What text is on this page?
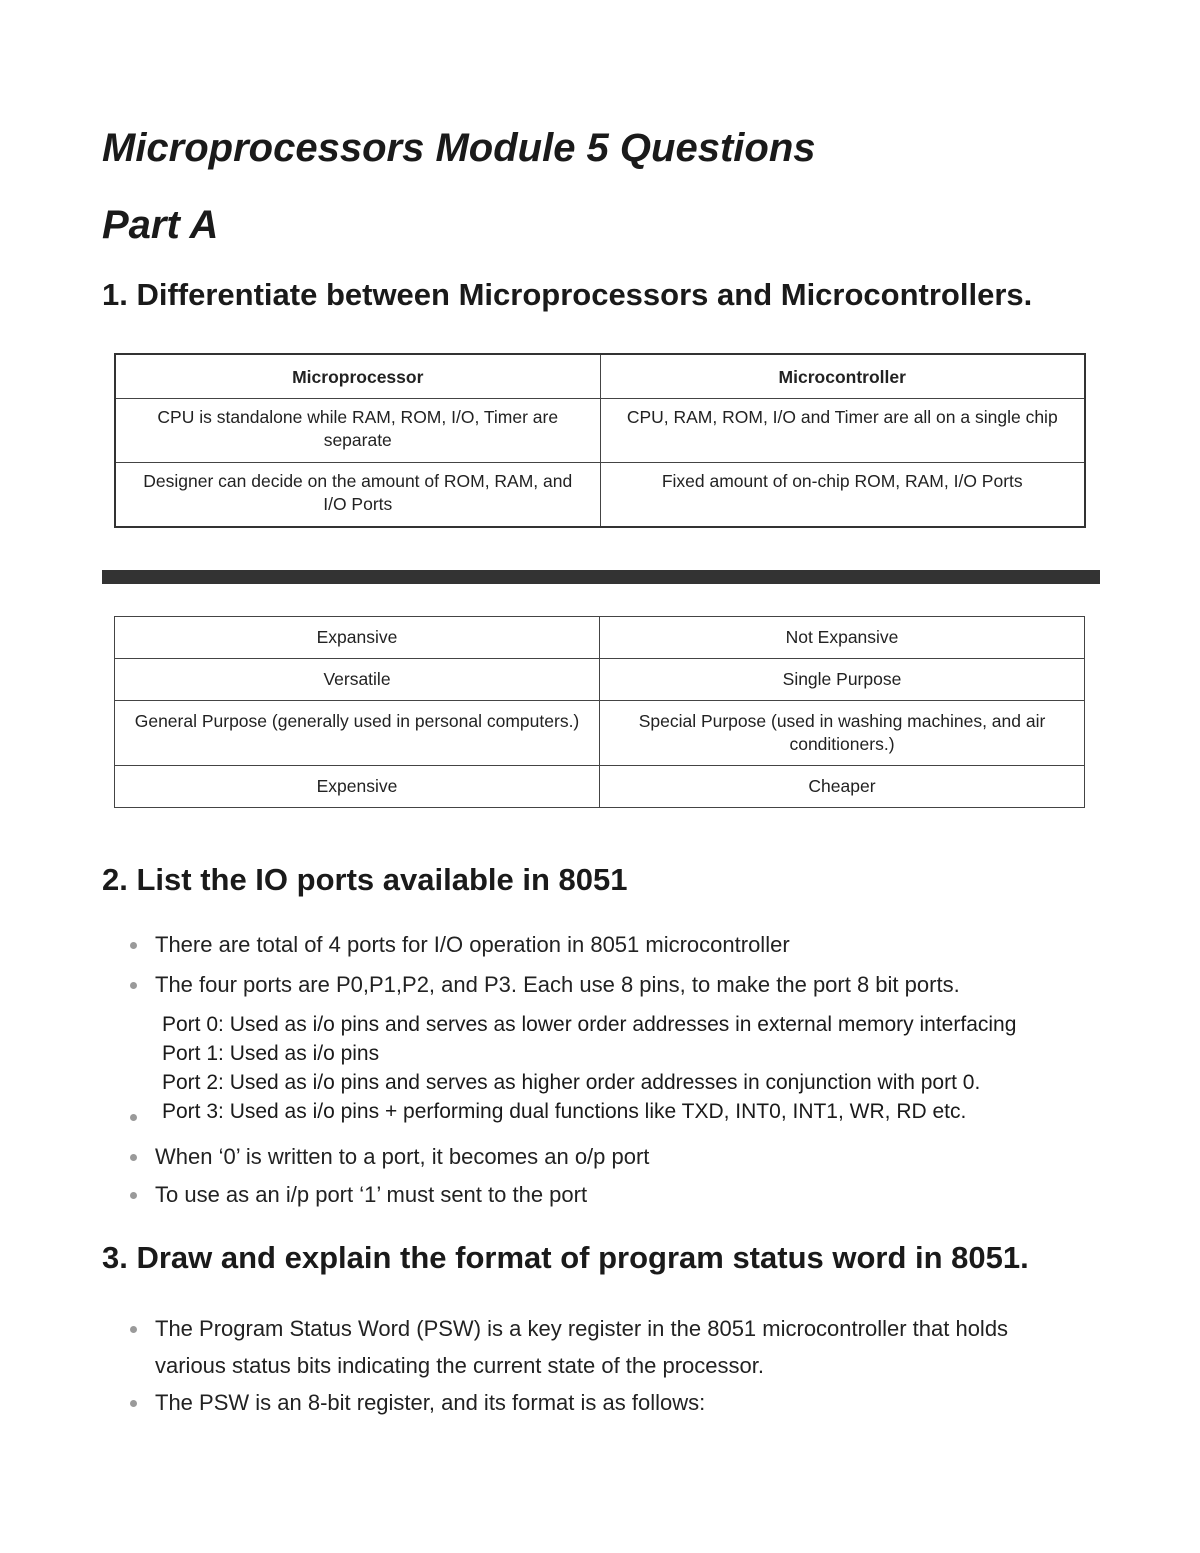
Microprocessors Module 5 Questions
Part A
1. Differentiate between Microprocessors and Microcontrollers.
Microprocessor	Microcontroller
CPU is standalone while RAM, ROM, I/O, Timer are separate	CPU, RAM, ROM, I/O and Timer are all on a single chip
Designer can decide on the amount of ROM, RAM, and I/O Ports	Fixed amount of on-chip ROM, RAM, I/O Ports
Expansive	Not Expansive
Versatile	Single Purpose
General Purpose (generally used in personal computers.)	Special Purpose (used in washing machines, and air conditioners.)
Expensive	Cheaper
2. List the IO ports available in 8051
There are total of 4 ports for I/O operation in 8051 microcontroller
The four ports are P0,P1,P2, and P3. Each use 8 pins, to make the port 8 bit ports.
Port 0: Used as i/o pins and serves as lower order addresses in external memory interfacing
Port 1: Used as i/o pins
Port 2: Used as i/o pins and serves as higher order addresses in conjunction with port 0.
Port 3: Used as i/o pins + performing dual functions like TXD, INT0, INT1, WR, RD etc.
When ‘0’ is written to a port, it becomes an o/p port
To use as an i/p port ‘1’ must sent to the port
3. Draw and explain the format of program status word in 8051.
The Program Status Word (PSW) is a key register in the 8051 microcontroller that holds
various status bits indicating the current state of the processor.
The PSW is an 8-bit register, and its format is as follows:
